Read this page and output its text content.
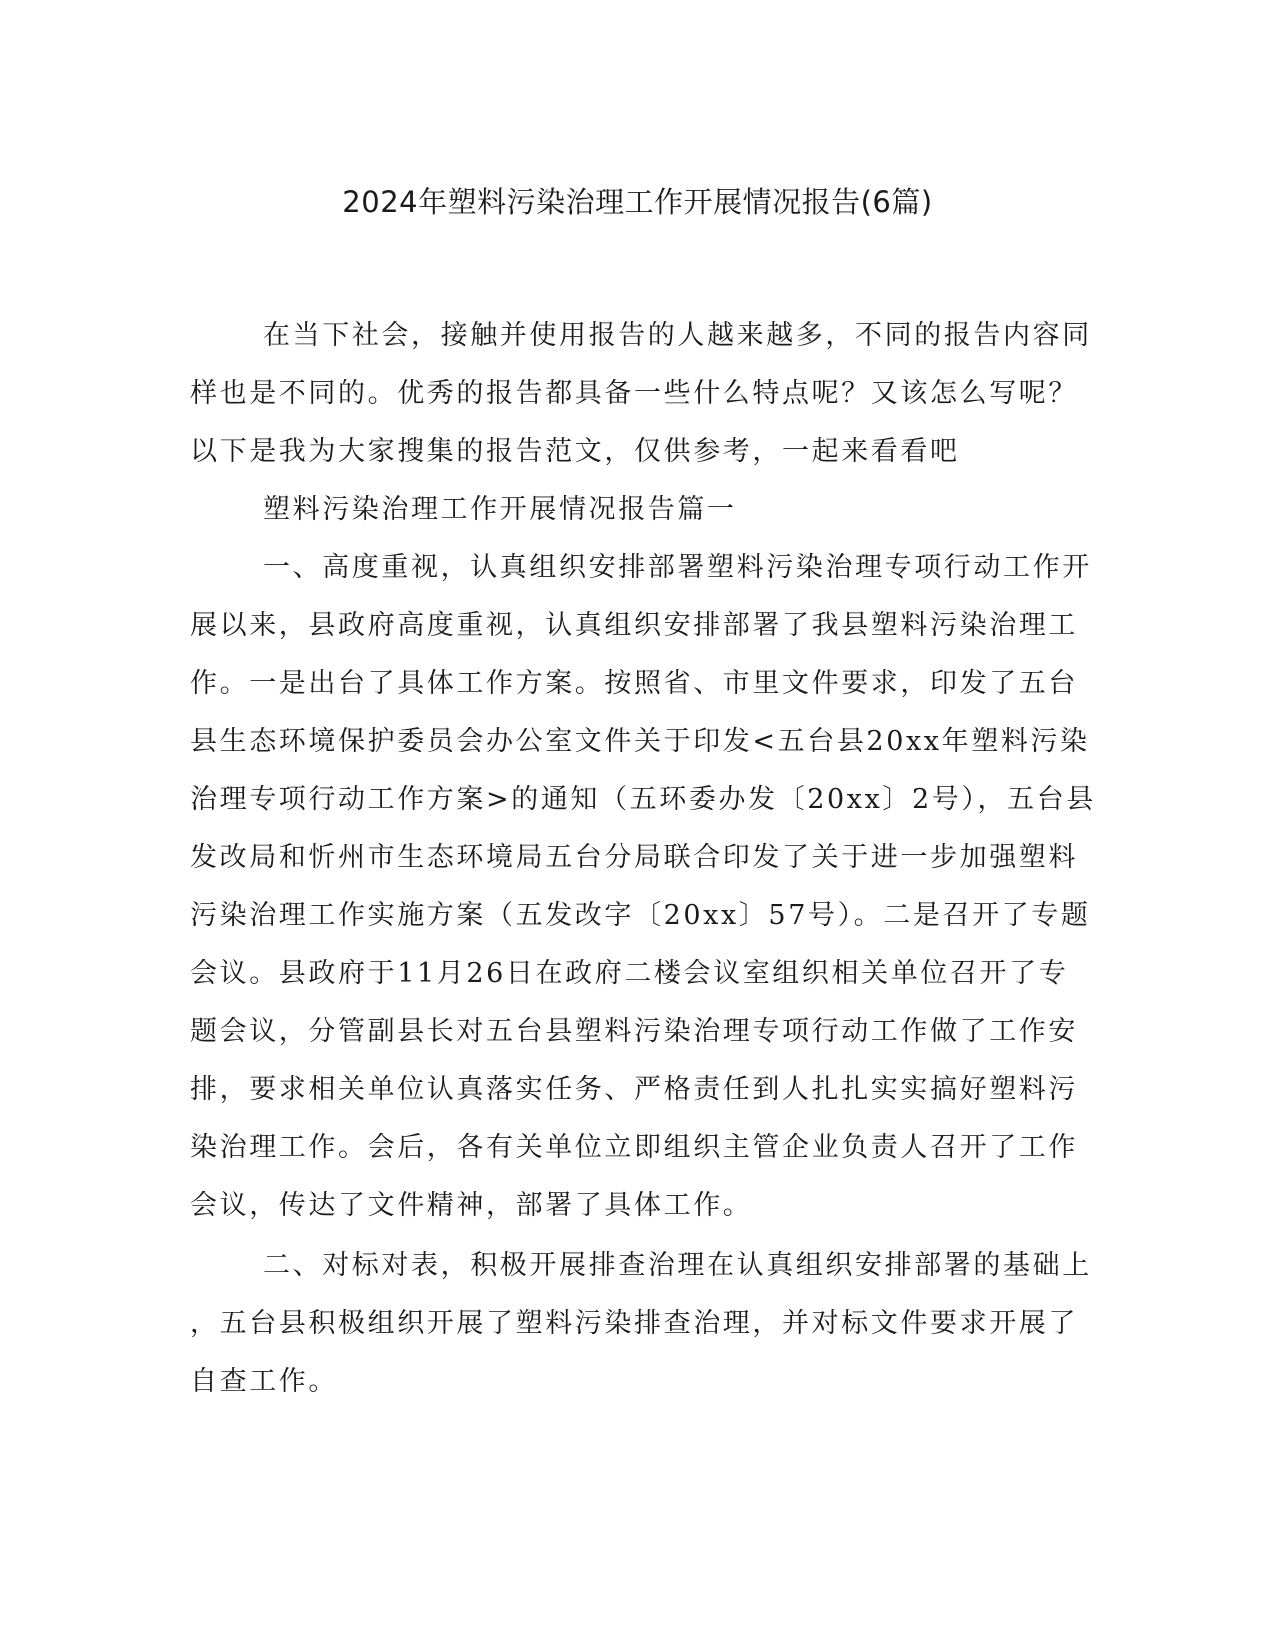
2024年塑料污染治理工作开展情况报告(6篇)
在当下社会，接触并使用报告的人越来越多，不同的报告内容同
样也是不同的。优秀的报告都具备一些什么特点呢？又该怎么写呢？
以下是我为大家搜集的报告范文，仅供参考，一起来看看吧
塑料污染治理工作开展情况报告篇一
一、高度重视，认真组织安排部署塑料污染治理专项行动工作开
展以来，县政府高度重视，认真组织安排部署了我县塑料污染治理工
作。一是出台了具体工作方案。按照省、市里文件要求，印发了五台
县生态环境保护委员会办公室文件关于印发<五台县20xx年塑料污染
治理专项行动工作方案>的通知（五环委办发〔20xx〕2号），五台县
发改局和忻州市生态环境局五台分局联合印发了关于进一步加强塑料
污染治理工作实施方案（五发改字〔20xx〕57号）。二是召开了专题
会议。县政府于11月26日在政府二楼会议室组织相关单位召开了专
题会议，分管副县长对五台县塑料污染治理专项行动工作做了工作安
排，要求相关单位认真落实任务、严格责任到人扎扎实实搞好塑料污
染治理工作。会后，各有关单位立即组织主管企业负责人召开了工作
会议，传达了文件精神，部署了具体工作。
二、对标对表，积极开展排查治理在认真组织安排部署的基础上
，五台县积极组织开展了塑料污染排查治理，并对标文件要求开展了
自查工作。
